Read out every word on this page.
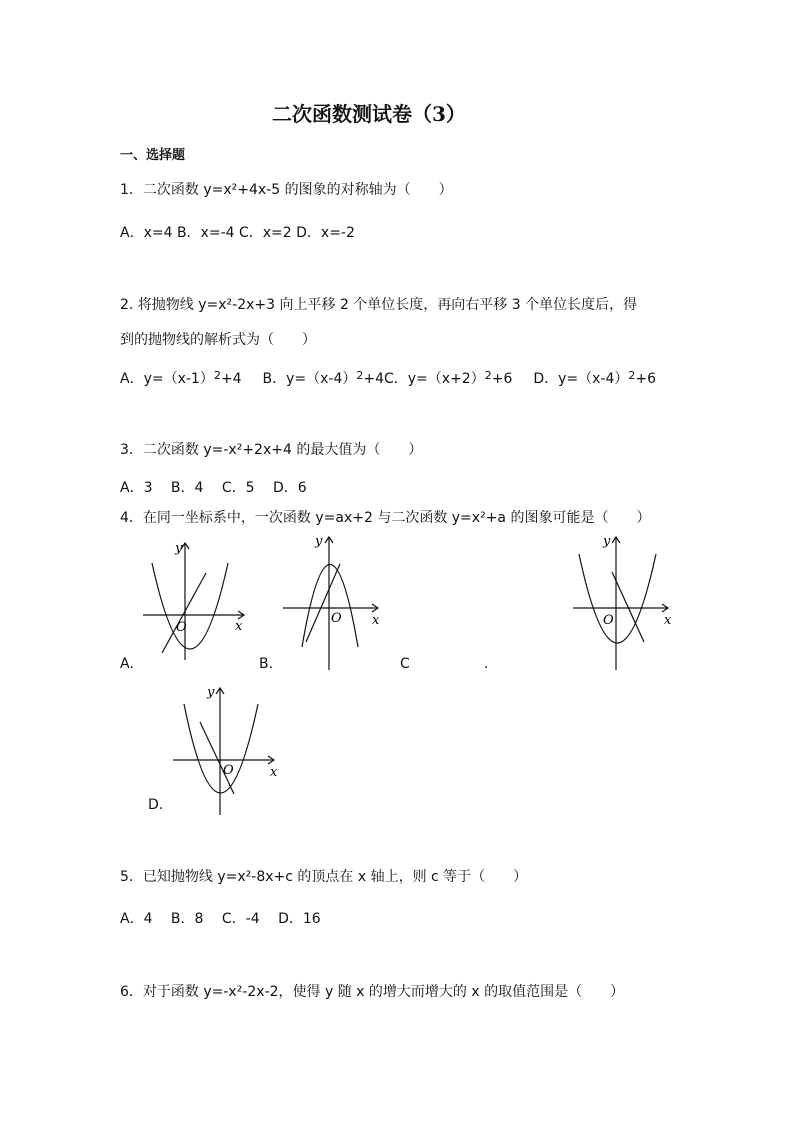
二次函数测试卷（3）
一、选择题
1．二次函数 y=x²+4x-5 的图象的对称轴为（　　）
A．x=4 B．x=-4 C．x=2 D．x=-2
2. 将抛物线 y=x²-2x+3 向上平移 2 个单位长度，再向右平移 3 个单位长度后，得
到的抛物线的解析式为（　　）
A．$y=(x-1)^2+4$   B．$y=(x-4)^2+4C$．$y=(x+2)^2+6$   D．$y=(x-4)^2+6$
3．二次函数 y=-x²+2x+4 的最大值为（　　）
A．3　 B．4　 C．5　 D．6
4．在同一坐标系中，一次函数 y=ax+2 与二次函数 y=x²+a 的图象可能是（　　）
y
x
O
y
x
O
y
x
O
A.	B.	C	.
y
x
O
D.
5．已知抛物线 y=x²-8x+c 的顶点在 x 轴上，则 c 等于（　　）
A．4　 B．8　 C．-4　 D．16
6．对于函数 y=-x²-2x-2，使得 y 随 x 的增大而增大的 x 的取值范围是（　　）
